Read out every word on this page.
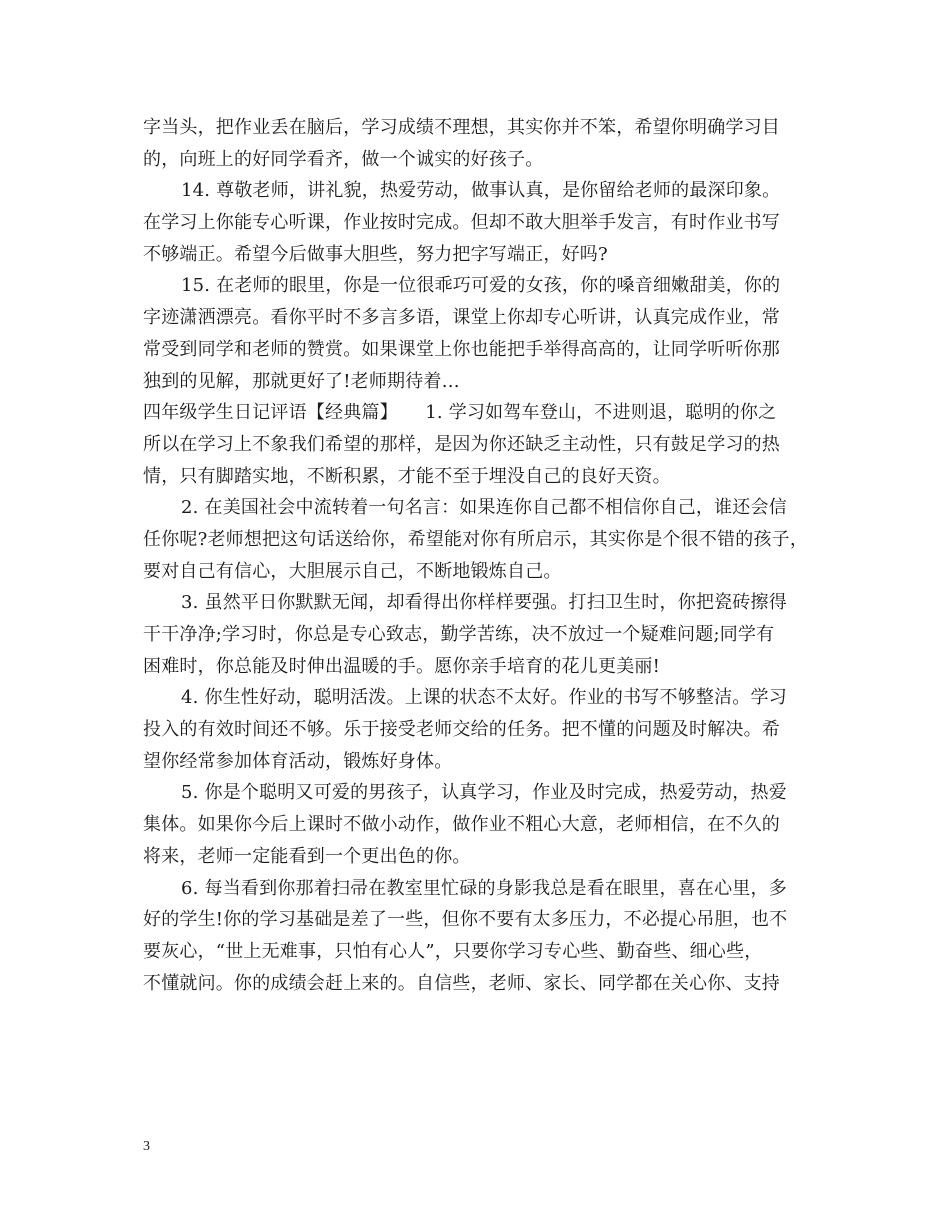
字当头，把作业丢在脑后，学习成绩不理想，其实你并不笨，希望你明确学习目
的，向班上的好同学看齐，做一个诚实的好孩子。
14. 尊敬老师，讲礼貌，热爱劳动，做事认真，是你留给老师的最深印象。
在学习上你能专心听课，作业按时完成。但却不敢大胆举手发言，有时作业书写
不够端正。希望今后做事大胆些，努力把字写端正，好吗?
15. 在老师的眼里，你是一位很乖巧可爱的女孩，你的嗓音细嫩甜美，你的
字迹潇洒漂亮。看你平时不多言多语，课堂上你却专心听讲，认真完成作业，常
常受到同学和老师的赞赏。如果课堂上你也能把手举得高高的，让同学听听你那
独到的见解，那就更好了!老师期待着…
四年级学生日记评语【经典篇】　　1. 学习如驾车登山，不进则退，聪明的你之
所以在学习上不象我们希望的那样，是因为你还缺乏主动性，只有鼓足学习的热
情，只有脚踏实地，不断积累，才能不至于埋没自己的良好天资。
2. 在美国社会中流转着一句名言：如果连你自己都不相信你自己，谁还会信
任你呢?老师想把这句话送给你，希望能对你有所启示，其实你是个很不错的孩子，
要对自己有信心，大胆展示自己，不断地锻炼自己。
3. 虽然平日你默默无闻，却看得出你样样要强。打扫卫生时，你把瓷砖擦得
干干净净;学习时，你总是专心致志，勤学苦练，决不放过一个疑难问题;同学有
困难时，你总能及时伸出温暖的手。愿你亲手培育的花儿更美丽!
4. 你生性好动，聪明活泼。上课的状态不太好。作业的书写不够整洁。学习
投入的有效时间还不够。乐于接受老师交给的任务。把不懂的问题及时解决。希
望你经常参加体育活动，锻炼好身体。
5. 你是个聪明又可爱的男孩子，认真学习，作业及时完成，热爱劳动，热爱
集体。如果你今后上课时不做小动作，做作业不粗心大意，老师相信，在不久的
将来，老师一定能看到一个更出色的你。
6. 每当看到你那着扫帚在教室里忙碌的身影我总是看在眼里，喜在心里，多
好的学生!你的学习基础是差了一些，但你不要有太多压力，不必提心吊胆，也不
要灰心，“世上无难事，只怕有心人”，只要你学习专心些、勤奋些、细心些，
不懂就问。你的成绩会赶上来的。自信些，老师、家长、同学都在关心你、支持
3
